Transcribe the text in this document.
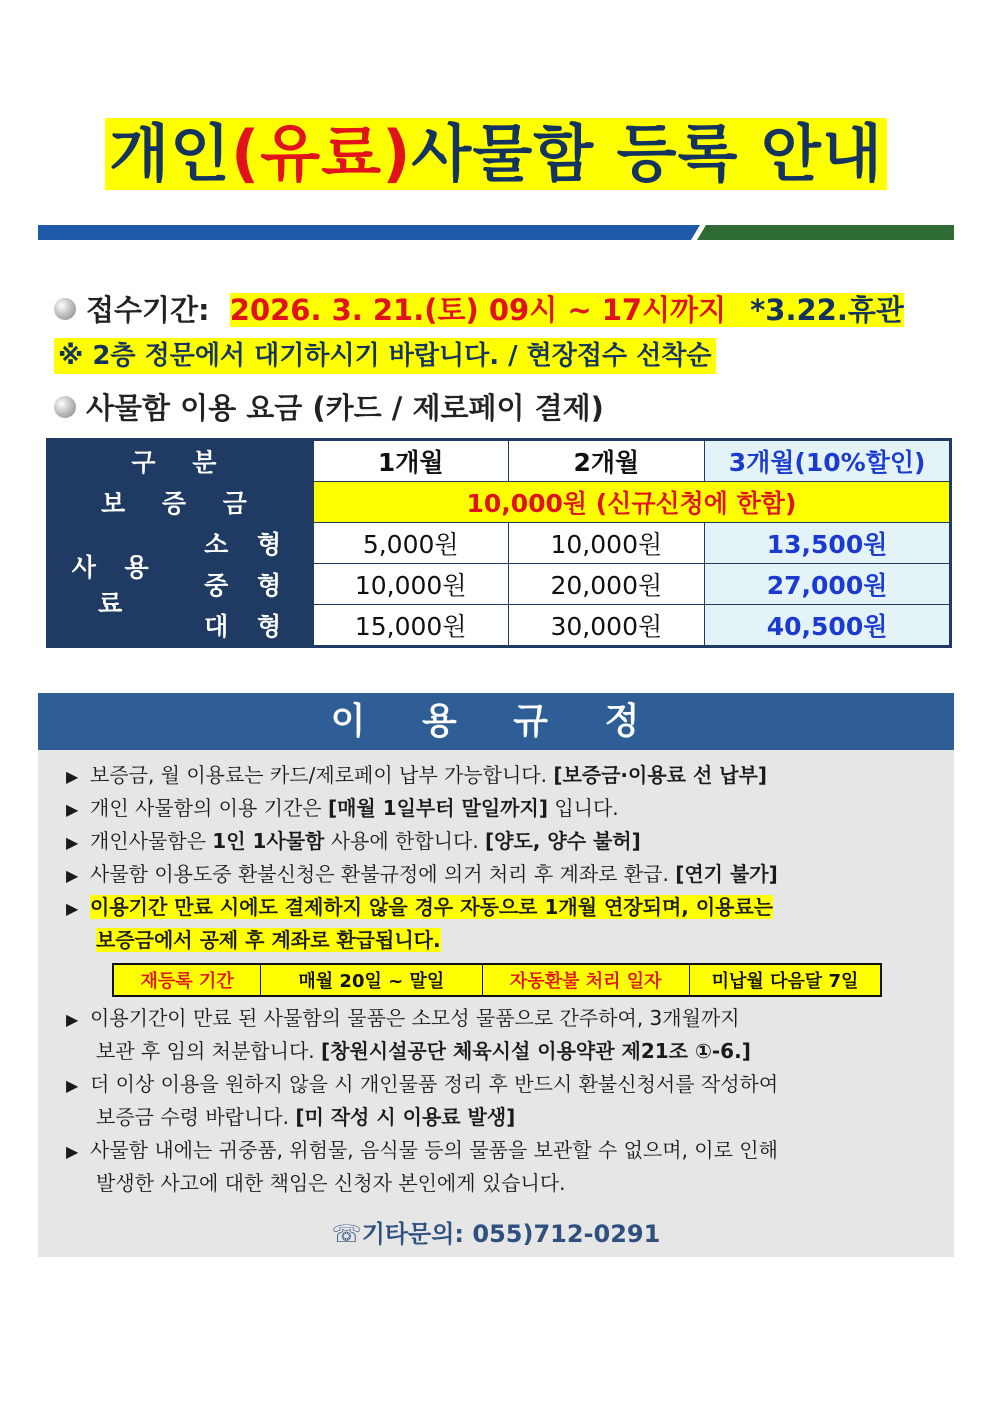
개인(유료)사물함 등록 안내
접수기간: 2026. 3. 21.(토) 09시 ~ 17시까지 *3.22.휴관
※ 2층 정문에서 대기하시기 바랍니다. / 현장접수 선착순
사물함 이용 요금 (카드 / 제로페이 결제)
구 분		1개월	2개월	3개월(10%할인)
보 증 금		10,000원 (신규신청에 한함)		
사 용 료	소 형	5,000원	10,000원	13,500원
	중 형	10,000원	20,000원	27,000원
	대 형	15,000원	30,000원	40,500원
이 용 규 정
▶ 보증금, 월 이용료는 카드/제로페이 납부 가능합니다. [보증금·이용료 선 납부]
▶ 개인 사물함의 이용 기간은 [매월 1일부터 말일까지] 입니다.
▶ 개인사물함은 1인 1사물함 사용에 한합니다. [양도, 양수 불허]
▶ 사물함 이용도중 환불신청은 환불규정에 의거 처리 후 계좌로 환급. [연기 불가]
▶ 이용기간 만료 시에도 결제하지 않을 경우 자동으로 1개월 연장되며, 이용료는
보증금에서 공제 후 계좌로 환급됩니다.
재등록 기간	매월 20일 ~ 말일	자동환불 처리 일자	미납월 다음달 7일
▶ 이용기간이 만료 된 사물함의 물품은 소모성 물품으로 간주하여, 3개월까지
보관 후 임의 처분합니다. [창원시설공단 체육시설 이용약관 제21조 ①-6.]
▶ 더 이상 이용을 원하지 않을 시 개인물품 정리 후 반드시 환불신청서를 작성하여
보증금 수령 바랍니다. [미 작성 시 이용료 발생]
▶ 사물함 내에는 귀중품, 위험물, 음식물 등의 물품을 보관할 수 없으며, 이로 인해
발생한 사고에 대한 책임은 신청자 본인에게 있습니다.
☏기타문의: 055)712-0291
